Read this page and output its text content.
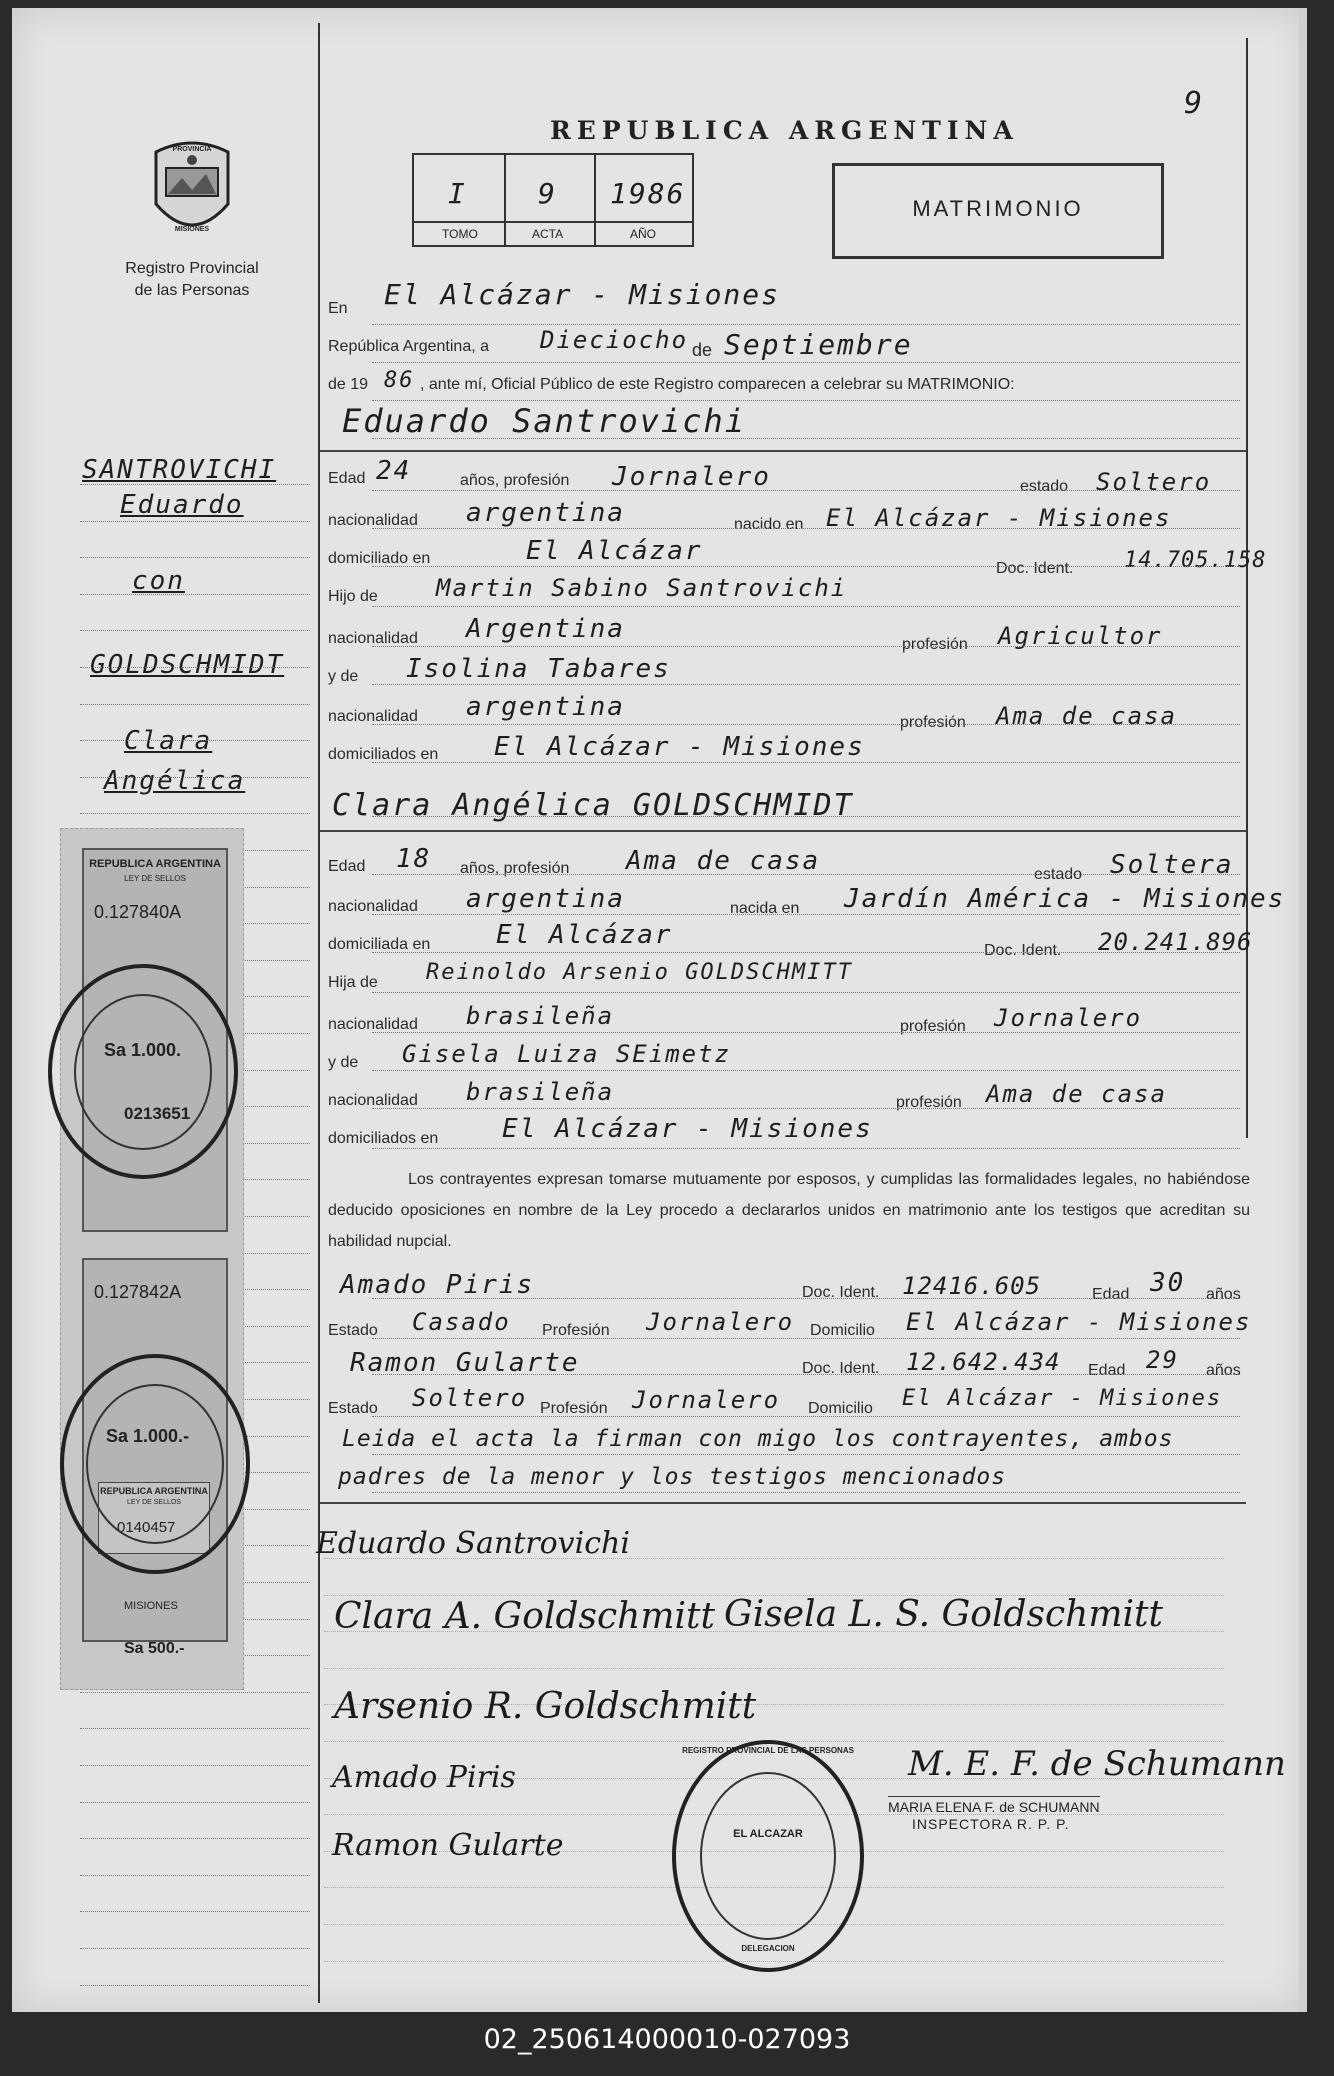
9
REPUBLICA ARGENTINA
I	9 1986
TOMO	ACTA	AÑO
MATRIMONIO
PROVINCIA
MISIONES
Registro Provincial
de las Personas
SANTROVICHI
Eduardo
con
GOLDSCHMIDT
Clara
Angélica
REPUBLICA ARGENTINA
LEY DE SELLOS
0.127840A
Sa 1.000.
0213651
0.127842A
Sa 1.000.-
REPUBLICA ARGENTINA
LEY DE SELLOS
0140457
MISIONES
Sa 500.-
En El Alcázar - Misiones
República Argentina, a Dieciocho de Septiembre
de 19 86 , ante mí, Oficial Público de este Registro comparecen a celebrar su MATRIMONIO:
Eduardo Santrovichi
Edad 24	años, profesión Jornalero	estado Soltero
nacionalidad argentina	nacido en El Alcázar - Misiones
domiciliado en	El Alcázar
Doc. Ident. 14.705.158
Hijo de Martin Sabino Santrovichi
nacionalidad Argentina
profesión Agricultor
y de Isolina Tabares
nacionalidad argentina
profesión Ama de casa
domiciliados en El Alcázar - Misiones
Clara Angélica GOLDSCHMIDT
Edad 18 años, profesión Ama de casa	estado Soltera
nacionalidad argentina	nacida en Jardín América - Misiones
domiciliada en	El Alcázar
Doc. Ident. 20.241.896
Hija de Reinoldo Arsenio GOLDSCHMITT
nacionalidad brasileña	profesión Jornalero
y de Gisela Luiza SEimetz
nacionalidad brasileña	profesión Ama de casa
domiciliados en El Alcázar - Misiones
Los contrayentes expresan tomarse mutuamente por esposos, y cumplidas las formalidades legales, no habiéndose deducido oposiciones en nombre de la Ley procedo a declararlos unidos en matrimonio ante los testigos que acreditan su habilidad nupcial.
Amado Piris	Doc. Ident. 12416.605	Edad 30 años
Estado Casado Profesión Jornalero Domicilio El Alcázar - Misiones
Ramon Gularte	Doc. Ident. 12.642.434 Edad 29 años
Estado Soltero Profesión Jornalero Domicilio El Alcázar - Misiones
Leida el acta la firman con migo los contrayentes, ambos
padres de la menor y los testigos mencionados
Eduardo Santrovichi
Clara A. Goldschmitt Gisela L. S. Goldschmitt
Arsenio R. Goldschmitt
Amado Piris
Ramon Gularte
M. E. F. de Schumann
MARIA ELENA F. de SCHUMANN
INSPECTORA R. P. P.
EL ALCAZAR
REGISTRO PROVINCIAL DE LAS PERSONAS
DELEGACION
02_250614000010-027093
